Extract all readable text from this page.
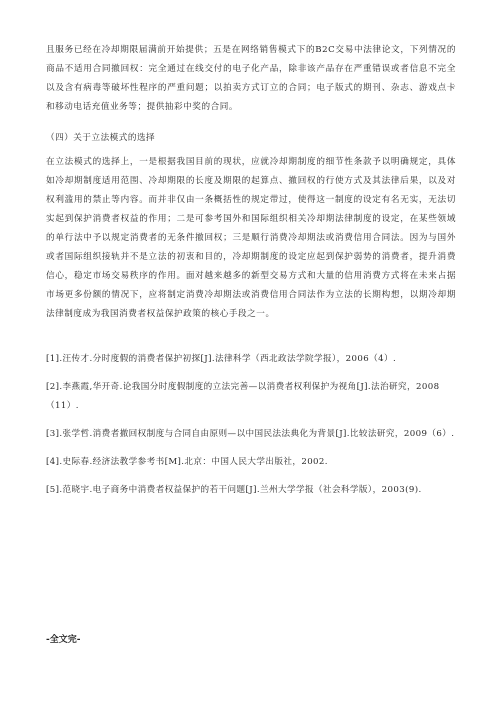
且服务已经在冷却期限届满前开始提供；五是在网络销售模式下的B2C交易中法律论文，下列情况的商品不适用合同撤回权：完全通过在线交付的电子化产品，除非该产品存在严重错误或者信息不完全以及含有病毒等破坏性程序的严重问题；以拍卖方式订立的合同；电子版式的期刊、杂志、游戏点卡和移动电话充值业务等；提供抽彩中奖的合同。

（四）关于立法模式的选择

在立法模式的选择上，一是根据我国目前的现状，应就冷却期制度的细节性条款予以明确规定，具体如冷却期制度适用范围、冷却期限的长度及期限的起算点、撤回权的行使方式及其法律后果，以及对权利滥用的禁止等内容。而并非仅由一条概括性的规定带过，使得这一制度的设定有名无实，无法切实起到保护消费者权益的作用；二是可参考国外和国际组织相关冷却期法律制度的设定，在某些领域的单行法中予以规定消费者的无条件撤回权；三是顺行消费冷却期法或消费信用合同法。因为与国外或者国际组织接轨并不是立法的初衷和目的，冷却期制度的设定应起到保护弱势的消费者，提升消费信心，稳定市场交易秩序的作用。面对越来越多的新型交易方式和大量的信用消费方式将在未来占据市场更多份额的情况下，应将制定消费冷却期法或消费信用合同法作为立法的长期构想，以期冷却期法律制度成为我国消费者权益保护政策的核心手段之一。

[1].汪传才.分时度假的消费者保护初探[J].法律科学（西北政法学院学报），2006（4）.

[2].李燕霞,华开奇.论我国分时度假制度的立法完善—以消费者权利保护为视角[J].法治研究，2008（11）.

[3].张学哲.消费者撤回权制度与合同自由原则—以中国民法法典化为背景[J].比较法研究，2009（6）.

[4].史际春.经济法教学参考书[M].北京：中国人民大学出版社，2002.

[5].范晓宇.电子商务中消费者权益保护的若干问题[J].兰州大学学报（社会科学版），2003(9).

-全文完-
